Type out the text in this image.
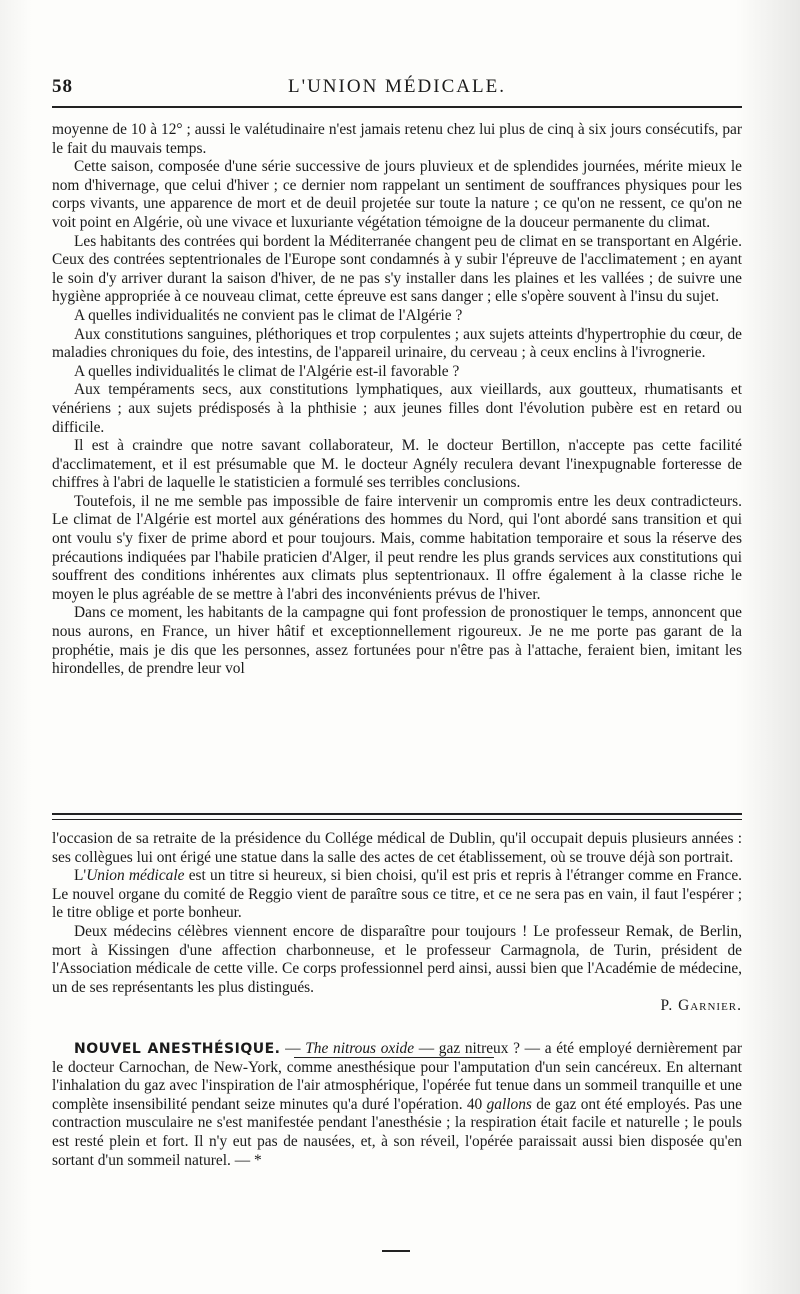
58	L'UNION MÉDICALE.

moyenne de 10 à 12° ; aussi le valétudinaire n'est jamais retenu chez lui plus de cinq à six jours consécutifs, par le fait du mauvais temps.

Cette saison, composée d'une série successive de jours pluvieux et de splendides journées, mérite mieux le nom d'hivernage, que celui d'hiver ; ce dernier nom rappelant un sentiment de souffrances physiques pour les corps vivants, une apparence de mort et de deuil projetée sur toute la nature ; ce qu'on ne ressent, ce qu'on ne voit point en Algérie, où une vivace et luxuriante végétation témoigne de la douceur permanente du climat.

Les habitants des contrées qui bordent la Méditerranée changent peu de climat en se transportant en Algérie. Ceux des contrées septentrionales de l'Europe sont condamnés à y subir l'épreuve de l'acclimatement ; en ayant le soin d'y arriver durant la saison d'hiver, de ne pas s'y installer dans les plaines et les vallées ; de suivre une hygiène appropriée à ce nouveau climat, cette épreuve est sans danger ; elle s'opère souvent à l'insu du sujet.

A quelles individualités ne convient pas le climat de l'Algérie ?

Aux constitutions sanguines, pléthoriques et trop corpulentes ; aux sujets atteints d'hypertrophie du cœur, de maladies chroniques du foie, des intestins, de l'appareil urinaire, du cerveau ; à ceux enclins à l'ivrognerie.

A quelles individualités le climat de l'Algérie est-il favorable ?

Aux tempéraments secs, aux constitutions lymphatiques, aux vieillards, aux goutteux, rhumatisants et vénériens ; aux sujets prédisposés à la phthisie ; aux jeunes filles dont l'évolution pubère est en retard ou difficile.

Il est à craindre que notre savant collaborateur, M. le docteur Bertillon, n'accepte pas cette facilité d'acclimatement, et il est présumable que M. le docteur Agnély reculera devant l'inexpugnable forteresse de chiffres à l'abri de laquelle le statisticien a formulé ses terribles conclusions.

Toutefois, il ne me semble pas impossible de faire intervenir un compromis entre les deux contradicteurs. Le climat de l'Algérie est mortel aux générations des hommes du Nord, qui l'ont abordé sans transition et qui ont voulu s'y fixer de prime abord et pour toujours. Mais, comme habitation temporaire et sous la réserve des précautions indiquées par l'habile praticien d'Alger, il peut rendre les plus grands services aux constitutions qui souffrent des conditions inhérentes aux climats plus septentrionaux. Il offre également à la classe riche le moyen le plus agréable de se mettre à l'abri des inconvénients prévus de l'hiver.

Dans ce moment, les habitants de la campagne qui font profession de pronostiquer le temps, annoncent que nous aurons, en France, un hiver hâtif et exceptionnellement rigoureux. Je ne me porte pas garant de la prophétie, mais je dis que les personnes, assez fortunées pour n'être pas à l'attache, feraient bien, imitant les hirondelles, de prendre leur vol

l'occasion de sa retraite de la présidence du Collége médical de Dublin, qu'il occupait depuis plusieurs années : ses collègues lui ont érigé une statue dans la salle des actes de cet établissement, où se trouve déjà son portrait.

L'Union médicale est un titre si heureux, si bien choisi, qu'il est pris et repris à l'étranger comme en France. Le nouvel organe du comité de Reggio vient de paraître sous ce titre, et ce ne sera pas en vain, il faut l'espérer ; le titre oblige et porte bonheur.

Deux médecins célèbres viennent encore de disparaître pour toujours ! Le professeur Remak, de Berlin, mort à Kissingen d'une affection charbonneuse, et le professeur Carmagnola, de Turin, président de l'Association médicale de cette ville. Ce corps professionnel perd ainsi, aussi bien que l'Académie de médecine, un de ses représentants les plus distingués.

P. Garnier.

NOUVEL ANESTHÉSIQUE. — The nitrous oxide — gaz nitreux ? — a été employé dernièrement par le docteur Carnochan, de New-York, comme anesthésique pour l'amputation d'un sein cancéreux. En alternant l'inhalation du gaz avec l'inspiration de l'air atmosphérique, l'opérée fut tenue dans un sommeil tranquille et une complète insensibilité pendant seize minutes qu'a duré l'opération. 40 gallons de gaz ont été employés. Pas une contraction musculaire ne s'est manifestée pendant l'anesthésie ; la respiration était facile et naturelle ; le pouls est resté plein et fort. Il n'y eut pas de nausées, et, à son réveil, l'opérée paraissait aussi bien disposée qu'en sortant d'un sommeil naturel. — *
